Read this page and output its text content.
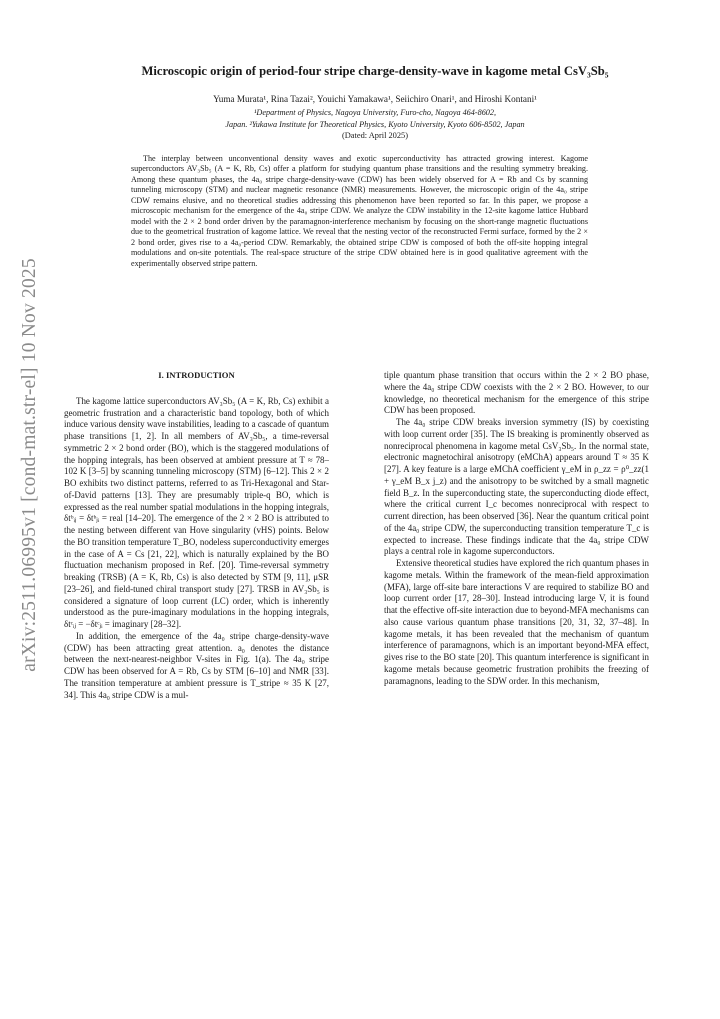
arXiv:2511.06995v1 [cond-mat.str-el] 10 Nov 2025
Microscopic origin of period-four stripe charge-density-wave in kagome metal CsV₃Sb₅
Yuma Murata¹, Rina Tazai², Youichi Yamakawa¹, Seiichiro Onari¹, and Hiroshi Kontani¹
¹Department of Physics, Nagoya University, Furo-cho, Nagoya 464-8602,
Japan. ²Yukawa Institute for Theoretical Physics, Kyoto University, Kyoto 606-8502, Japan
(Dated: April 2025)
The interplay between unconventional density waves and exotic superconductivity has attracted growing interest. Kagome superconductors AV₃Sb₅ (A = K, Rb, Cs) offer a platform for studying quantum phase transitions and the resulting symmetry breaking. Among these quantum phases, the 4a₀ stripe charge-density-wave (CDW) has been widely observed for A = Rb and Cs by scanning tunneling microscopy (STM) and nuclear magnetic resonance (NMR) measurements. However, the microscopic origin of the 4a₀ stripe CDW remains elusive, and no theoretical studies addressing this phenomenon have been reported so far. In this paper, we propose a microscopic mechanism for the emergence of the 4a₀ stripe CDW. We analyze the CDW instability in the 12-site kagome lattice Hubbard model with the 2 × 2 bond order driven by the paramagnon-interference mechanism by focusing on the short-range magnetic fluctuations due to the geometrical frustration of kagome lattice. We reveal that the nesting vector of the reconstructed Fermi surface, formed by the 2 × 2 bond order, gives rise to a 4a₀-period CDW. Remarkably, the obtained stripe CDW is composed of both the off-site hopping integral modulations and on-site potentials. The real-space structure of the stripe CDW obtained here is in good qualitative agreement with the experimentally observed stripe pattern.
I. INTRODUCTION

The kagome lattice superconductors AV₃Sb₅ (A = K, Rb, Cs) exhibit a geometric frustration and a characteristic band topology, both of which induce various density wave instabilities, leading to a cascade of quantum phase transitions [1, 2]. In all members of AV₃Sb₅, a time-reversal symmetric 2 × 2 bond order (BO), which is the staggered modulations of the hopping integrals, has been observed at ambient pressure at T ≈ 78–102 K [3–5] by scanning tunneling microscopy (STM) [6–12]. This 2 × 2 BO exhibits two distinct patterns, referred to as Tri-Hexagonal and Star-of-David patterns [13]. They are presumably triple-q BO, which is expressed as the real number spatial modulations in the hopping integrals, δtᵇᵢⱼ = δtᵇⱼᵢ = real [14–20]. The emergence of the 2 × 2 BO is attributed to the nesting between different van Hove singularity (vHS) points. Below the BO transition temperature T_BO, nodeless superconductivity emerges in the case of A = Cs [21, 22], which is naturally explained by the BO fluctuation mechanism proposed in Ref. [20]. Time-reversal symmetry breaking (TRSB) (A = K, Rb, Cs) is also detected by STM [9, 11], μSR [23–26], and field-tuned chiral transport study [27]. TRSB in AV₃Sb₅ is considered a signature of loop current (LC) order, which is inherently understood as the pure-imaginary modulations in the hopping integrals, δtᶜᵢⱼ = −δtᶜⱼᵢ = imaginary [28–32].

In addition, the emergence of the 4a₀ stripe charge-density-wave (CDW) has been attracting great attention. a₀ denotes the distance between the next-nearest-neighbor V-sites in Fig. 1(a). The 4a₀ stripe CDW has been observed for A = Rb, Cs by STM [6–10] and NMR [33]. The transition temperature at ambient pressure is T_stripe ≈ 35 K [27, 34]. This 4a₀ stripe CDW is a mul-

tiple quantum phase transition that occurs within the 2 × 2 BO phase, where the 4a₀ stripe CDW coexists with the 2 × 2 BO. However, to our knowledge, no theoretical mechanism for the emergence of this stripe CDW has been proposed.

The 4a₀ stripe CDW breaks inversion symmetry (IS) by coexisting with loop current order [35]. The IS breaking is prominently observed as nonreciprocal phenomena in kagome metal CsV₃Sb₅. In the normal state, electronic magnetochiral anisotropy (eMChA) appears around T ≈ 35 K [27]. A key feature is a large eMChA coefficient γ_eM in ρ_zz = ρ⁰_zz(1 + γ_eM B_x j_z) and the anisotropy to be switched by a small magnetic field B_z. In the superconducting state, the superconducting diode effect, where the critical current I_c becomes nonreciprocal with respect to current direction, has been observed [36]. Near the quantum critical point of the 4a₀ stripe CDW, the superconducting transition temperature T_c is expected to increase. These findings indicate that the 4a₀ stripe CDW plays a central role in kagome superconductors.

Extensive theoretical studies have explored the rich quantum phases in kagome metals. Within the framework of the mean-field approximation (MFA), large off-site bare interactions V are required to stabilize BO and loop current order [17, 28–30]. Instead introducing large V, it is found that the effective off-site interaction due to beyond-MFA mechanisms can also cause various quantum phase transitions [20, 31, 32, 37–48]. In kagome metals, it has been revealed that the mechanism of quantum interference of paramagnons, which is an important beyond-MFA effect, gives rise to the BO state [20]. This quantum interference is significant in kagome metals because geometric frustration prohibits the freezing of paramagnons, leading to the SDW order. In this mechanism,
